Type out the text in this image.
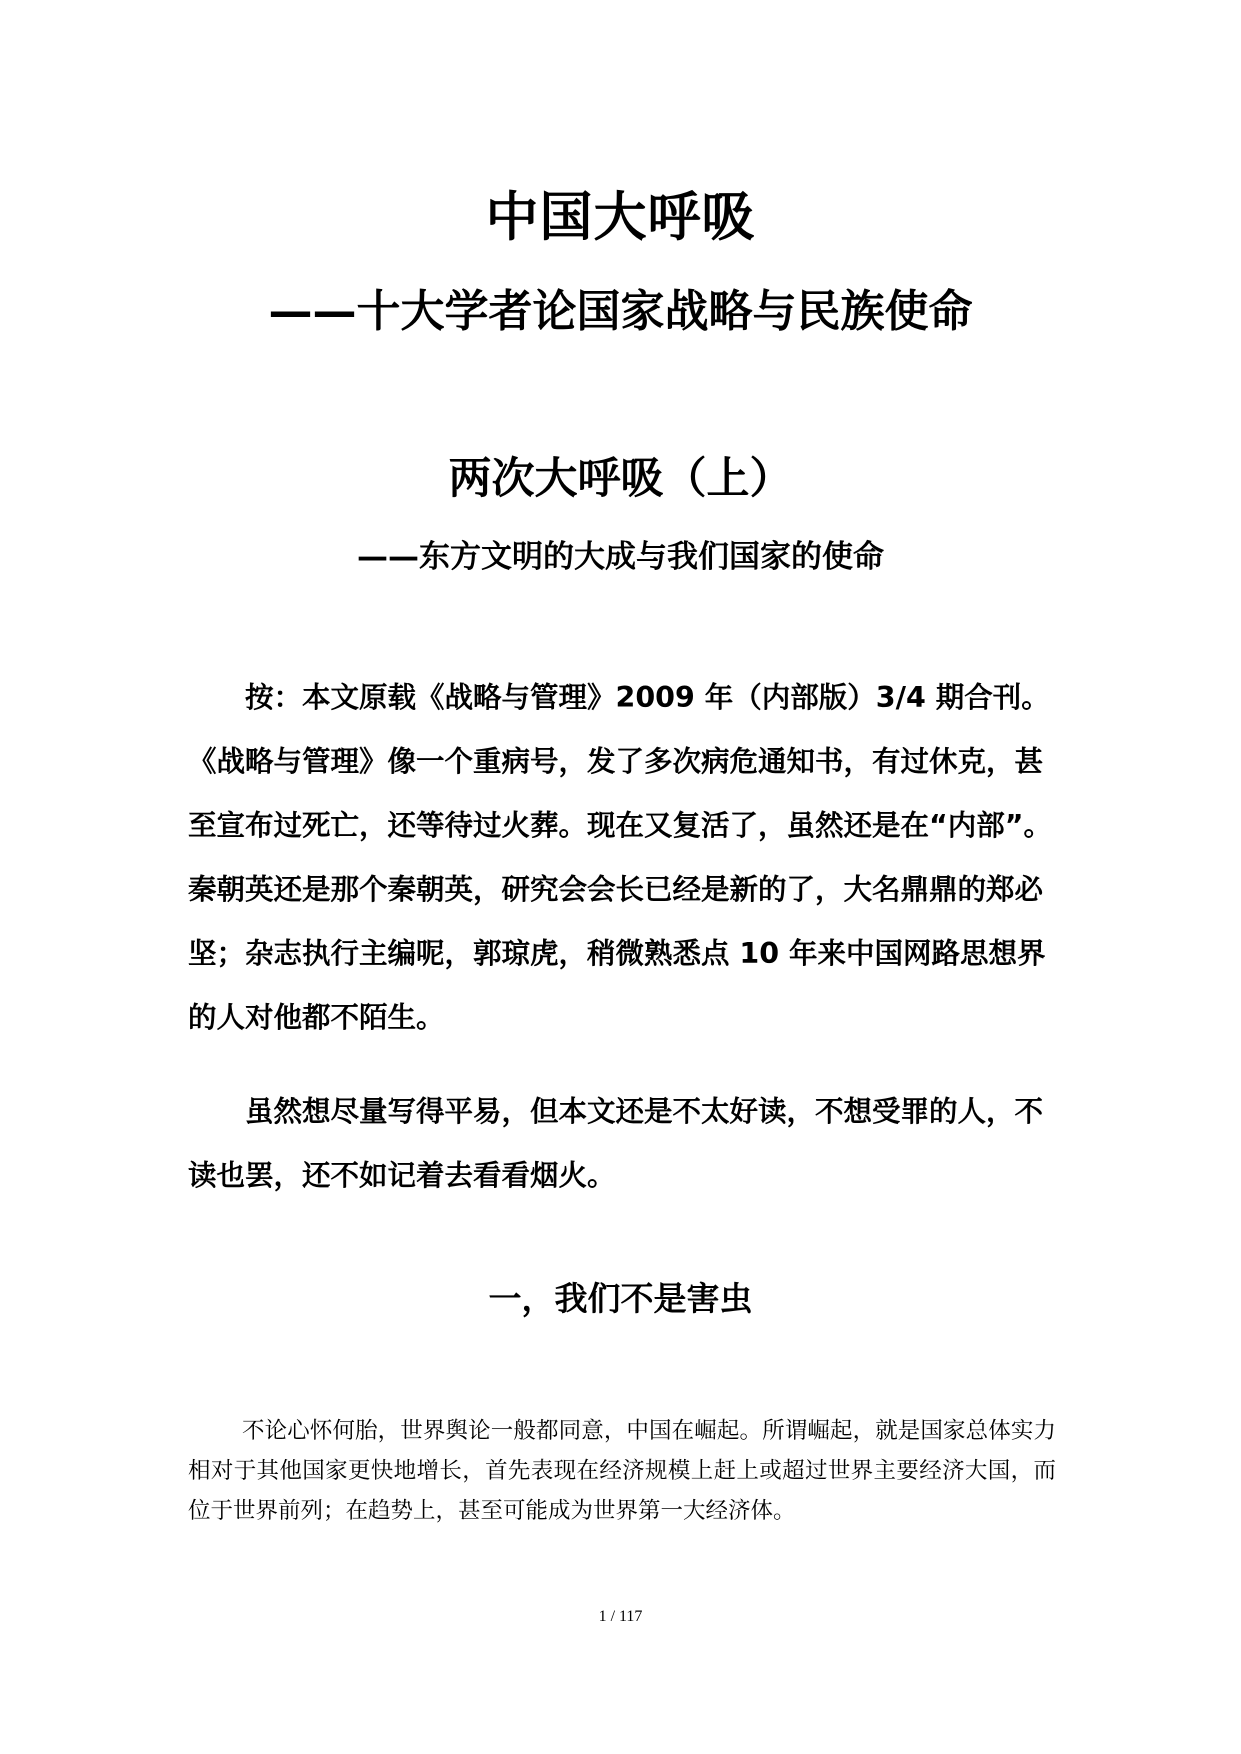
中国大呼吸
——十大学者论国家战略与民族使命
两次大呼吸（上）
——东方文明的大成与我们国家的使命

按：本文原载《战略与管理》2009 年（内部版）3/4 期合刊。《战略与管理》像一个重病号，发了多次病危通知书，有过休克，甚至宣布过死亡，还等待过火葬。现在又复活了，虽然还是在“内部”。秦朝英还是那个秦朝英，研究会会长已经是新的了，大名鼎鼎的郑必坚；杂志执行主编呢，郭琼虎，稍微熟悉点 10 年来中国网路思想界的人对他都不陌生。

虽然想尽量写得平易，但本文还是不太好读，不想受罪的人，不读也罢，还不如记着去看看烟火。

一，我们不是害虫

不论心怀何胎，世界舆论一般都同意，中国在崛起。所谓崛起，就是国家总体实力相对于其他国家更快地增长，首先表现在经济规模上赶上或超过世界主要经济大国，而位于世界前列；在趋势上，甚至可能成为世界第一大经济体。

1 / 117
